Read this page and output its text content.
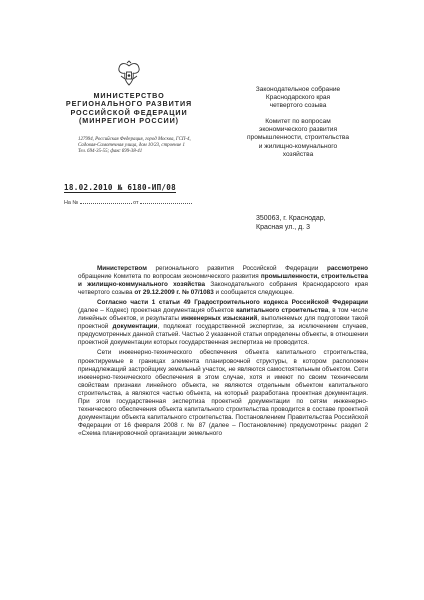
МИНИСТЕРСТВО
РЕГИОНАЛЬНОГО РАЗВИТИЯ
РОССИЙСКОЙ ФЕДЕРАЦИИ
(МИНРЕГИОН РОССИИ)
127994, Российская Федерация, город Москва, ГСП-4,
Садовая-Самотечная улица, дом 10/23, строение 1
Тел. 694-35-55; факс 699-38-41
18.02.2010 № 6180-ИП/08
На №	от
Законодательное собрание
Краснодарского края
четвертого созыва
Комитет по вопросам
экономического развития
промышленности, строительства
и жилищно-комунального
хозяйства
350063, г. Краснодар,
Красная ул., д. 3

Министерством регионального развития Российской Федерации рассмотрено обращение Комитета по вопросам экономического развития промышленности, строительства и жилищно-коммунального хозяйства Законодательного собрания Краснодарского края четвертого созыва от 29.12.2009 г. № 07/1083 и сообщается следующее.

Согласно части 1 статьи 49 Градостроительного кодекса Российской Федерации (далее – Кодекс) проектная документация объектов капитального строительства, в том числе линейных объектов, и результаты инженерных изысканий, выполняемых для подготовки такой проектной документации, подлежат государственной экспертизе, за исключением случаев, предусмотренных данной статьей. Частью 2 указанной статьи определены объекты, в отношении проектной документации которых государственная экспертиза не проводится.

Сети инженерно-технического обеспечения объекта капитального строительства, проектируемые в границах элемента планировочной структуры, в котором расположен принадлежащий застройщику земельный участок, не являются самостоятельным объектом. Сети инженерно-технического обеспечения в этом случае, хотя и имеют по своим техническим свойствам признаки линейного объекта, не являются отдельным объектом капитального строительства, а являются частью объекта, на который разработана проектная документация. При этом государственная экспертиза проектной документации по сетям инженерно-технического обеспечения объекта капитального строительства проводится в составе проектной документации объекта капитального строительства. Постановлением Правительства Российской Федерации от 16 февраля 2008 г. № 87 (далее – Постановление) предусмотрены: раздел 2 «Схема планировочной организации земельного
